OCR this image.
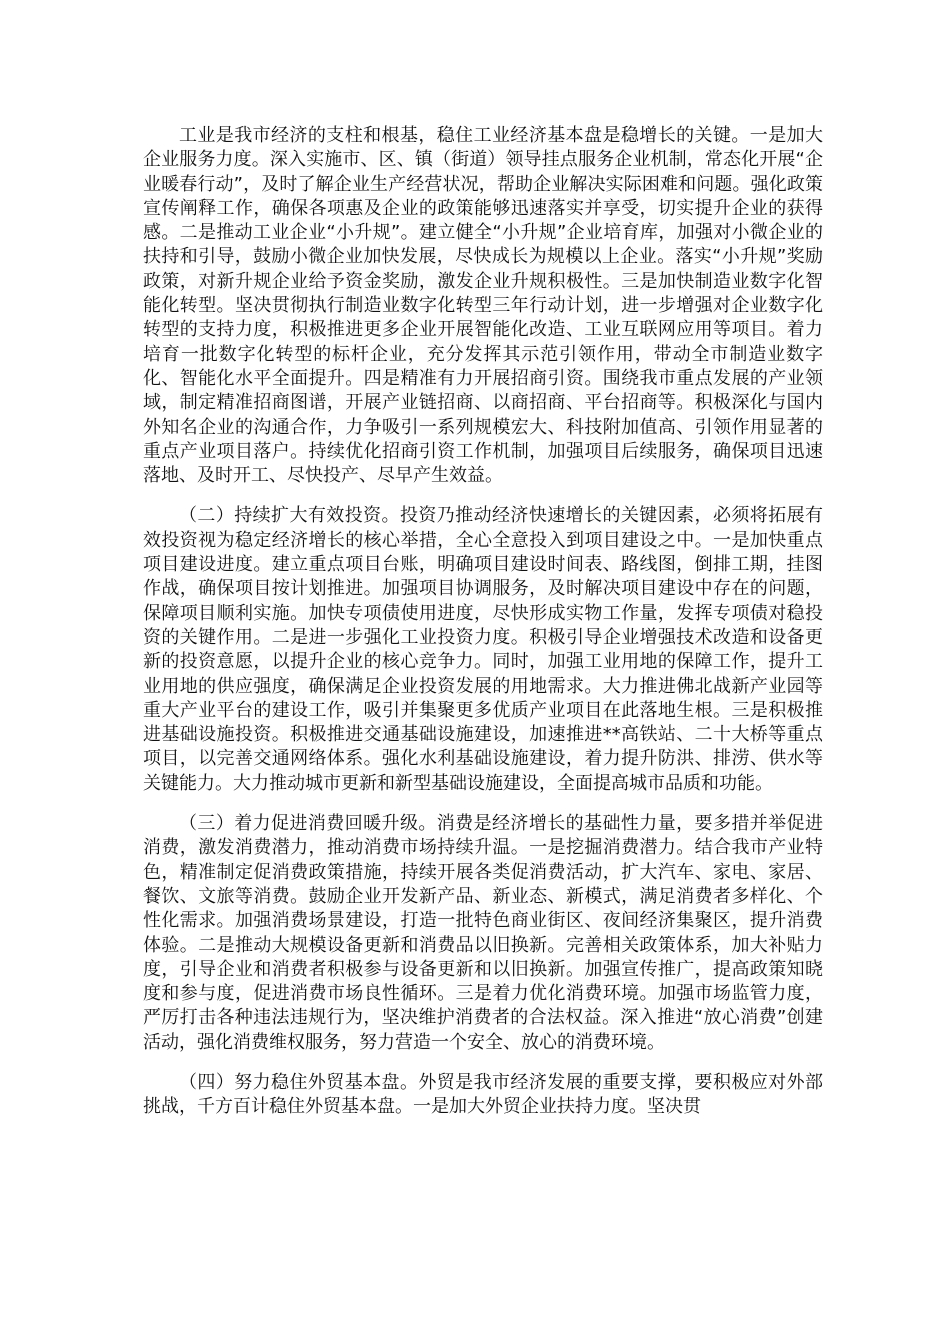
工业是我市经济的支柱和根基，稳住工业经济基本盘是稳增长的关键。一是加大企业服务力度。深入实施市、区、镇（街道）领导挂点服务企业机制，常态化开展“企业暖春行动”，及时了解企业生产经营状况，帮助企业解决实际困难和问题。强化政策宣传阐释工作，确保各项惠及企业的政策能够迅速落实并享受，切实提升企业的获得感。二是推动工业企业“小升规”。建立健全“小升规”企业培育库，加强对小微企业的扶持和引导，鼓励小微企业加快发展，尽快成长为规模以上企业。落实“小升规”奖励政策，对新升规企业给予资金奖励，激发企业升规积极性。三是加快制造业数字化智能化转型。坚决贯彻执行制造业数字化转型三年行动计划，进一步增强对企业数字化转型的支持力度，积极推进更多企业开展智能化改造、工业互联网应用等项目。着力培育一批数字化转型的标杆企业，充分发挥其示范引领作用，带动全市制造业数字化、智能化水平全面提升。四是精准有力开展招商引资。围绕我市重点发展的产业领域，制定精准招商图谱，开展产业链招商、以商招商、平台招商等。积极深化与国内外知名企业的沟通合作，力争吸引一系列规模宏大、科技附加值高、引领作用显著的重点产业项目落户。持续优化招商引资工作机制，加强项目后续服务，确保项目迅速落地、及时开工、尽快投产、尽早产生效益。

（二）持续扩大有效投资。投资乃推动经济快速增长的关键因素，必须将拓展有效投资视为稳定经济增长的核心举措，全心全意投入到项目建设之中。一是加快重点项目建设进度。建立重点项目台账，明确项目建设时间表、路线图，倒排工期，挂图作战，确保项目按计划推进。加强项目协调服务，及时解决项目建设中存在的问题，保障项目顺利实施。加快专项债使用进度，尽快形成实物工作量，发挥专项债对稳投资的关键作用。二是进一步强化工业投资力度。积极引导企业增强技术改造和设备更新的投资意愿，以提升企业的核心竞争力。同时，加强工业用地的保障工作，提升工业用地的供应强度，确保满足企业投资发展的用地需求。大力推进佛北战新产业园等重大产业平台的建设工作，吸引并集聚更多优质产业项目在此落地生根。三是积极推进基础设施投资。积极推进交通基础设施建设，加速推进**高铁站、二十大桥等重点项目，以完善交通网络体系。强化水利基础设施建设，着力提升防洪、排涝、供水等关键能力。大力推动城市更新和新型基础设施建设，全面提高城市品质和功能。

（三）着力促进消费回暖升级。消费是经济增长的基础性力量，要多措并举促进消费，激发消费潜力，推动消费市场持续升温。一是挖掘消费潜力。结合我市产业特色，精准制定促消费政策措施，持续开展各类促消费活动，扩大汽车、家电、家居、餐饮、文旅等消费。鼓励企业开发新产品、新业态、新模式，满足消费者多样化、个性化需求。加强消费场景建设，打造一批特色商业街区、夜间经济集聚区，提升消费体验。二是推动大规模设备更新和消费品以旧换新。完善相关政策体系，加大补贴力度，引导企业和消费者积极参与设备更新和以旧换新。加强宣传推广，提高政策知晓度和参与度，促进消费市场良性循环。三是着力优化消费环境。加强市场监管力度，严厉打击各种违法违规行为，坚决维护消费者的合法权益。深入推进“放心消费”创建活动，强化消费维权服务，努力营造一个安全、放心的消费环境。

（四）努力稳住外贸基本盘。外贸是我市经济发展的重要支撑，要积极应对外部挑战，千方百计稳住外贸基本盘。一是加大外贸企业扶持力度。坚决贯
